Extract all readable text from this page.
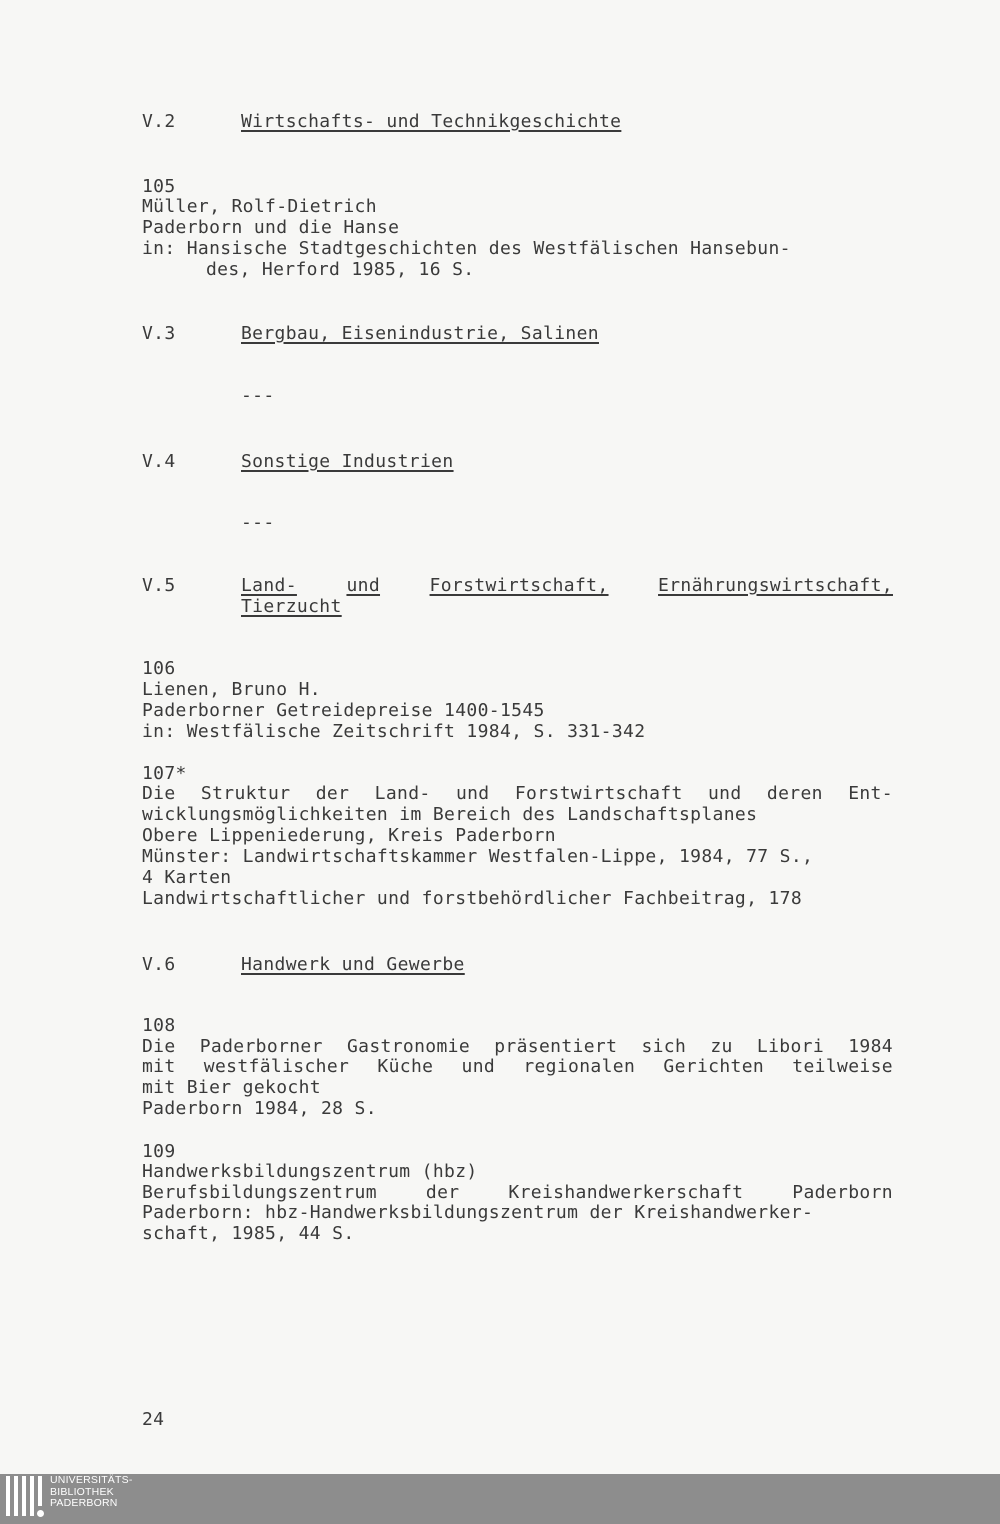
V.2	Wirtschafts- und Technikgeschichte
105
Müller, Rolf-Dietrich
Paderborn und die Hanse
in: Hansische Stadtgeschichten des Westfälischen Hansebun-
des, Herford 1985, 16 S.
V.3	Bergbau, Eisenindustrie, Salinen
---
V.4	Sonstige Industrien
---
V.5	Land-	und	Forstwirtschaft,	Ernährungswirtschaft,
Tierzucht
106
Lienen, Bruno H.
Paderborner Getreidepreise 1400-1545
in: Westfälische Zeitschrift 1984, S. 331-342
107*
Die Struktur der Land- und Forstwirtschaft und deren Ent-
wicklungsmöglichkeiten im Bereich des Landschaftsplanes
Obere Lippeniederung, Kreis Paderborn
Münster: Landwirtschaftskammer Westfalen-Lippe, 1984, 77 S.,
4 Karten
Landwirtschaftlicher und forstbehördlicher Fachbeitrag, 178
V.6	Handwerk und Gewerbe
108
Die Paderborner Gastronomie präsentiert sich zu Libori 1984
mit westfälischer Küche und regionalen Gerichten teilweise
mit Bier gekocht
Paderborn 1984, 28 S.
109
Handwerksbildungszentrum (hbz)
Berufsbildungszentrum	der	Kreishandwerkerschaft	Paderborn
Paderborn: hbz-Handwerksbildungszentrum der Kreishandwerker-
schaft, 1985, 44 S.
24
UNIVERSITÄTS-
BIBLIOTHEK
PADERBORN
